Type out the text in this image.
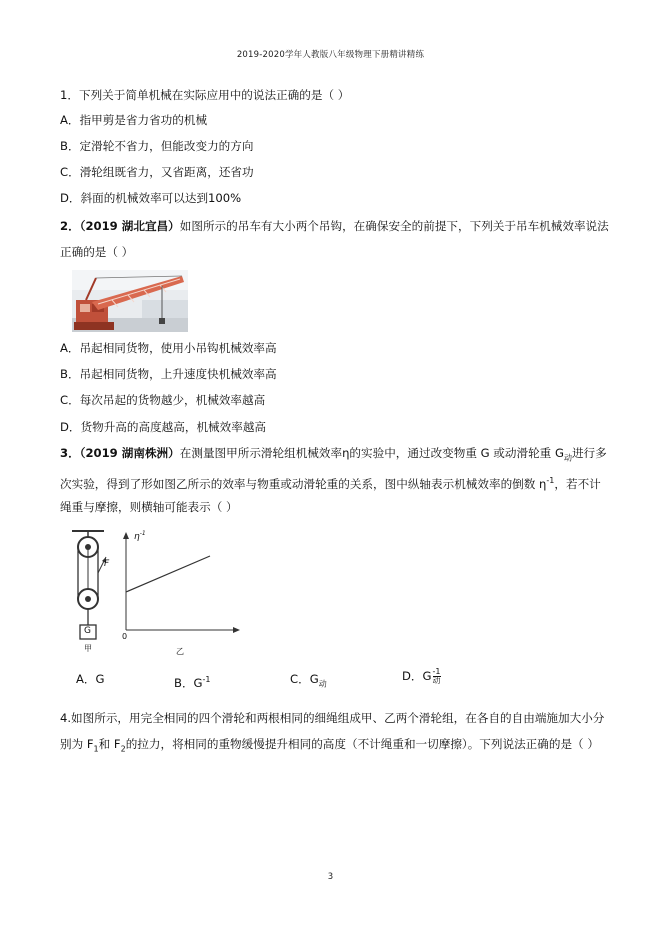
2019-2020学年人教版八年级物理下册精讲精练
1．下列关于简单机械在实际应用中的说法正确的是（ ）
A．指甲剪是省力省功的机械
B．定滑轮不省力，但能改变力的方向
C．滑轮组既省力，又省距离，还省功
D．斜面的机械效率可以达到100%
2．（2019 湖北宜昌）如图所示的吊车有大小两个吊钩，在确保安全的前提下，下列关于吊车机械效率说法
正确的是（ ）
A．吊起相同货物，使用小吊钩机械效率高
B．吊起相同货物，上升速度快机械效率高
C．每次吊起的货物越少，机械效率越高
D．货物升高的高度越高，机械效率越高
3．（2019 湖南株洲）在测量图甲所示滑轮组机械效率η的实验中，通过改变物重 G 或动滑轮重 $G_动$进行多
次实验，得到了形如图乙所示的效率与物重或动滑轮重的关系，图中纵轴表示机械效率的倒数 $\eta^{-1}$，若不计
绳重与摩擦，则横轴可能表示（ ）
F
G
甲
$\eta^{-1}$
0
乙
A．G	B．$G^{-1}$	C．$G_动$
D．G $\frac{-1}{\text{动}}$
4.如图所示，用完全相同的四个滑轮和两根相同的细绳组成甲、乙两个滑轮组，在各自的自由端施加大小分
别为 $F_1$和 $F_2$的拉力，将相同的重物缓慢提升相同的高度（不计绳重和一切摩擦）。下列说法正确的是（ ）
3
